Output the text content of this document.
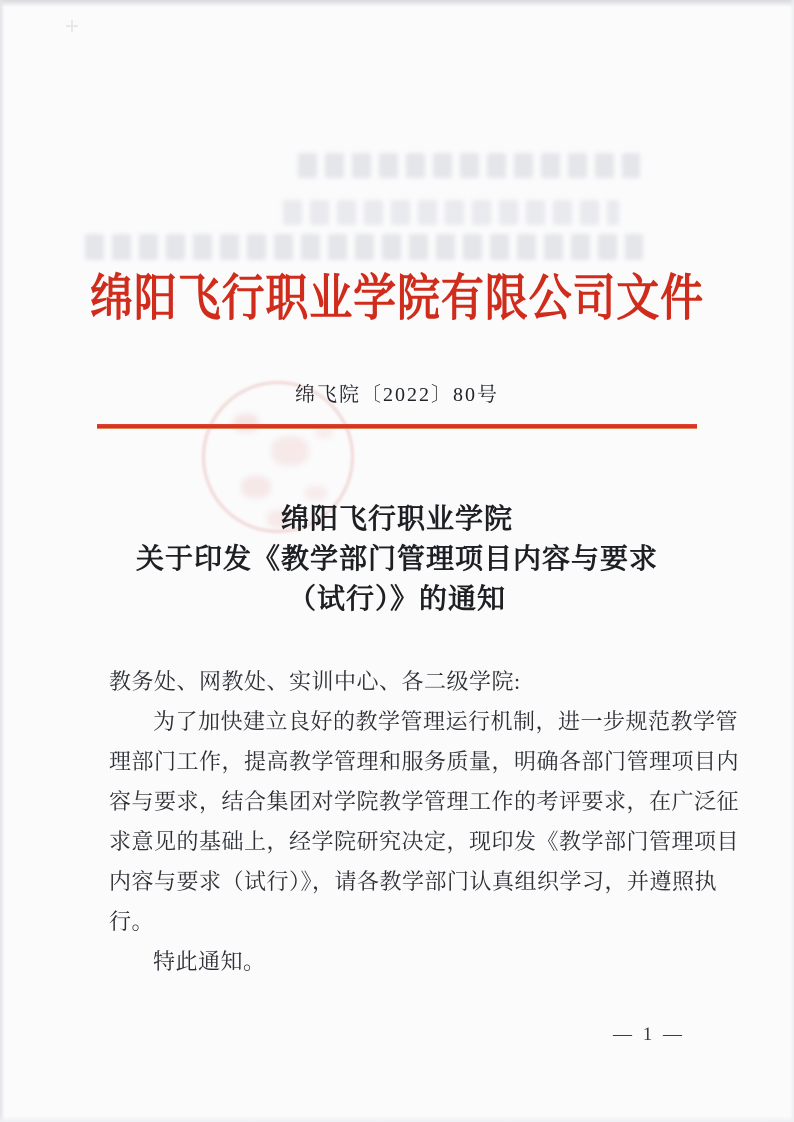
绵阳飞行职业学院有限公司文件
绵飞院〔2022〕80号
绵阳飞行职业学院
关于印发《教学部门管理项目内容与要求
（试行）》的通知
教务处、网教处、实训中心、各二级学院:
为了加快建立良好的教学管理运行机制，进一步规范教学管
理部门工作，提高教学管理和服务质量，明确各部门管理项目内
容与要求，结合集团对学院教学管理工作的考评要求，在广泛征
求意见的基础上，经学院研究决定，现印发《教学部门管理项目
内容与要求（试行）》，请各教学部门认真组织学习，并遵照执
行。
特此通知。
— 1 —
